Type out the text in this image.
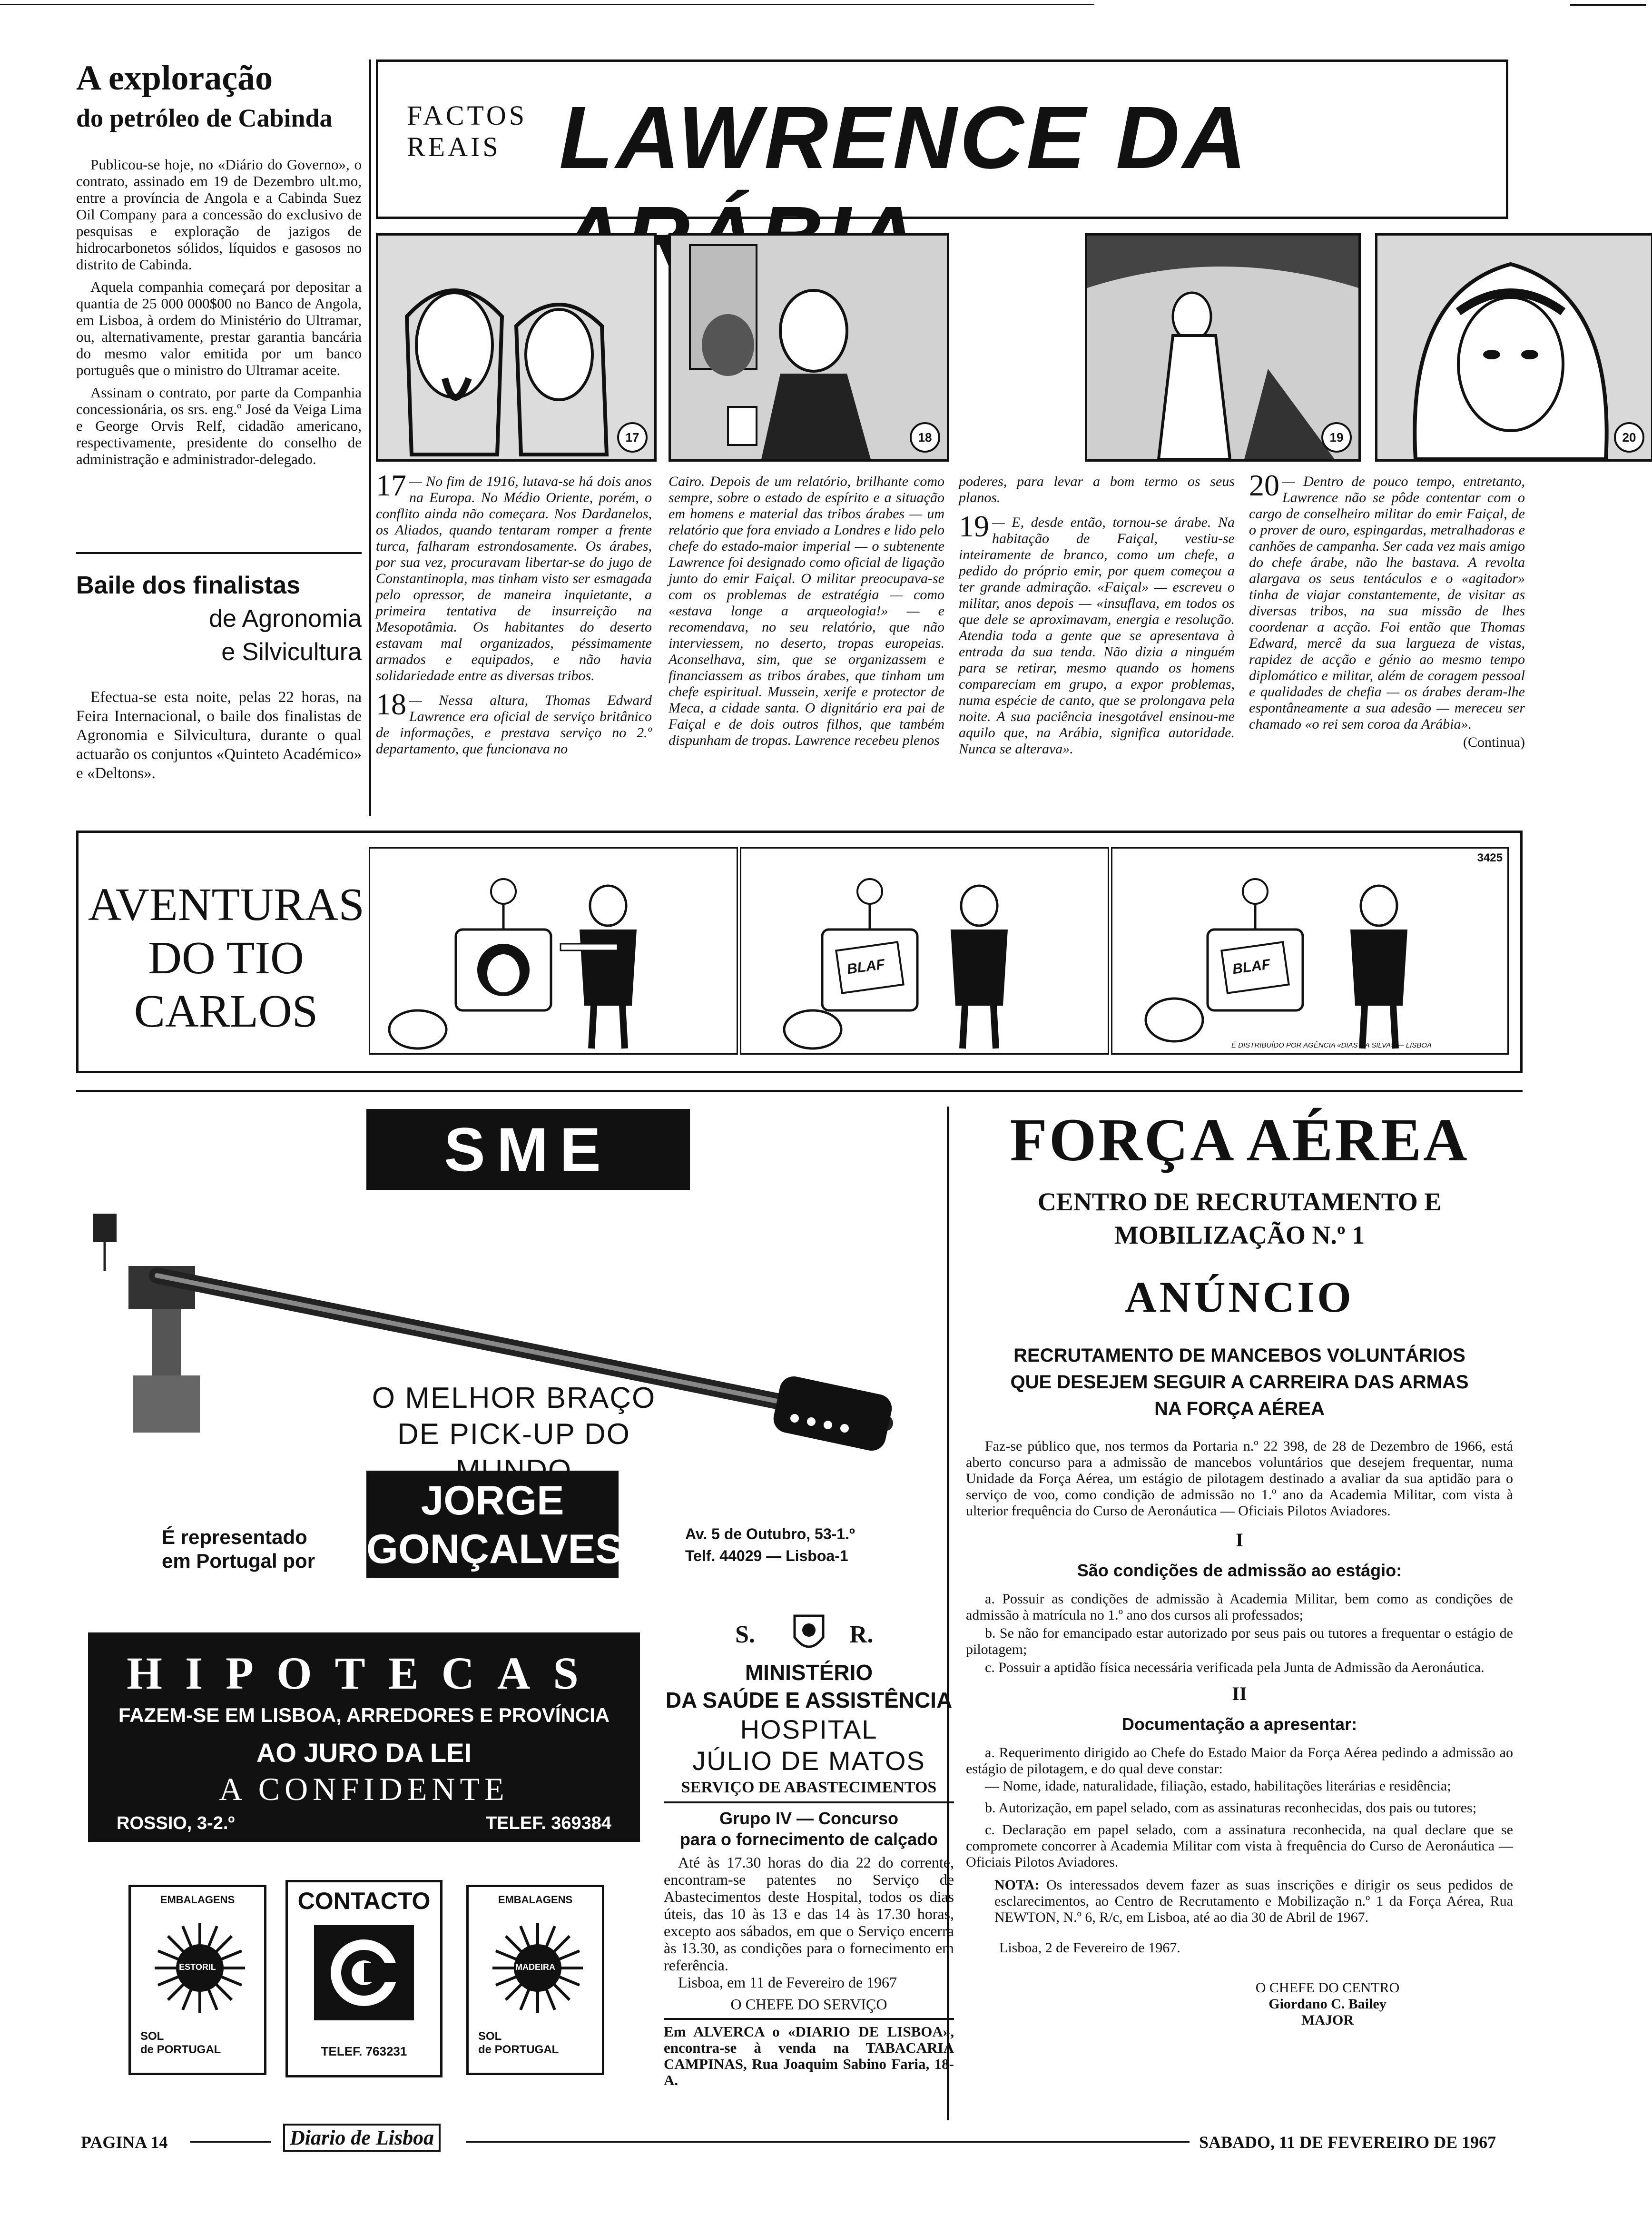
A exploração
do petróleo de Cabinda

Publicou-se hoje, no «Diário do Governo», o contrato, assinado em 19 de Dezembro ult.mo, entre a província de Angola e a Cabinda Suez Oil Company para a concessão do exclusivo de pesquisas e exploração de jazigos de hidrocarbonetos sólidos, líquidos e gasosos no distrito de Cabinda.

Aquela companhia começará por depositar a quantia de 25 000 000$00 no Banco de Angola, em Lisboa, à ordem do Ministério do Ultramar, ou, alternativamente, prestar garantia bancária do mesmo valor emitida por um banco português que o ministro do Ultramar aceite.

Assinam o contrato, por parte da Companhia concessionária, os srs. eng.º José da Veiga Lima e George Orvis Relf, cidadão americano, respectivamente, presidente do conselho de administração e administrador-delegado.

Baile dos finalistas
de Agronomia
e Silvicultura

Efectua-se esta noite, pelas 22 horas, na Feira Internacional, o baile dos finalistas de Agronomia e Silvicultura, durante o qual actuarão os conjuntos «Quinteto Académico» e «Deltons».

FACTOS
REAIS LAWRENCE DA
17	18	19	20
17 — No fim de 1916, lutava-se há dois anos na Europa. No Médio Oriente, porém, o conflito ainda não começara. Nos Dardanelos, os Aliados, quando tentaram romper a frente turca, falharam estrondosamente. Os árabes, por sua vez, procuravam libertar-se do jugo de Constantinopla, mas tinham visto ser esmagada pelo opressor, de maneira inquietante, a primeira tentativa de insurreição na Mesopotâmia. Os habitantes do deserto estavam mal organizados, péssimamente armados e equipados, e não havia solidariedade entre as diversas tribos.
18 — Nessa altura, Thomas Edward Lawrence era oficial de serviço britânico de informações, e prestava serviço no 2.º departamento, que funcionava no
Cairo. Depois de um relatório, brilhante como sempre, sobre o estado de espírito e a situação em homens e material das tribos árabes — um relatório que fora enviado a Londres e lido pelo chefe do estado-maior imperial — o subtenente Lawrence foi designado como oficial de ligação junto do emir Faiçal. O militar preocupava-se com os problemas de estratégia — como «estava longe a arqueologia!» — e recomendava, no seu relatório, que não interviessem, no deserto, tropas europeias. Aconselhava, sim, que se organizassem e financiassem as tribos árabes, que tinham um chefe espiritual. Mussein, xerife e protector de Meca, a cidade santa. O dignitário era pai de Faiçal e de dois outros filhos, que também dispunham de tropas. Lawrence recebeu plenos
poderes, para levar a bom termo os seus planos.
19 — E, desde então, tornou-se árabe. Na habitação de Faiçal, vestiu-se inteiramente de branco, como um chefe, a pedido do próprio emir, por quem começou a ter grande admiração. «Faiçal» — escreveu o militar, anos depois — «insuflava, em todos os que dele se aproximavam, energia e resolução. Atendia toda a gente que se apresentava à entrada da sua tenda. Não dizia a ninguém para se retirar, mesmo quando os homens compareciam em grupo, a expor problemas, numa espécie de canto, que se prolongava pela noite. A sua paciência inesgotável ensinou-me aquilo que, na Arábia, significa autoridade. Nunca se alterava».
20 — Dentro de pouco tempo, entretanto, Lawrence não se pôde contentar com o cargo de conselheiro militar do emir Faiçal, de o prover de ouro, espingardas, metralhadoras e canhões de campanha. Ser cada vez mais amigo do chefe árabe, não lhe bastava. A revolta alargava os seus tentáculos e o «agitador» tinha de viajar constantemente, de visitar as diversas tribos, na sua missão de lhes coordenar a acção. Foi então que Thomas Edward, mercê da sua largueza de vistas, rapidez de acção e génio ao mesmo tempo diplomático e militar, além de coragem pessoal e qualidades de chefia — os árabes deram-lhe espontâneamente a sua adesão — mereceu ser chamado «o rei sem coroa da Arábia».
(Continua)
AVENTURAS
DO TIO
CARLOS
BLAF	BLAF
3425
É DISTRIBUÍDO POR AGÊNCIA «DIAS DA SILVA» — LISBOA
SME
O MELHOR BRAÇO
DE PICK-UP DO
É representado
em Portugal por
JORGE
GONÇALVES	Av. 5 de Outubro, 53-1.º
Telf. 44029 — Lisboa-1
HIPOTECAS
FAZEM-SE EM LISBOA, ARREDORES E PROVÍNCIA
AO JURO DA LEI
A CONFIDENTE
ROSSIO, 3-2.º	TELEF. 369384
EMBALAGENS
ESTORIL
SOL
de PORTUGAL
CONTACTO
TELEF. 763231
EMBALAGENS
MADEIRA
SOL
de PORTUGAL
S.	R.
MINISTÉRIO
DA SAÚDE E ASSISTÊNCIA
HOSPITAL
JÚLIO DE MATOS
SERVIÇO DE ABASTECIMENTOS
Grupo IV — Concurso
para o fornecimento de calçado
Até às 17.30 horas do dia 22 do corrente, encontram-se patentes no Serviço de Abastecimentos deste Hospital, todos os dias úteis, das 10 às 13 e das 14 às 17.30 horas, excepto aos sábados, em que o Serviço encerra às 13.30, as condições para o fornecimento em referência.
Lisboa, em 11 de Fevereiro de 1967
O CHEFE DO SERVIÇO
Em ALVERCA o «DIARIO DE LISBOA», encontra-se à venda na TABACARIA CAMPINAS, Rua Joaquim Sabino Faria, 18-A.
FORÇA AÉREA
CENTRO DE RECRUTAMENTO E MOBILIZAÇÃO N.º 1
ANÚNCIO
RECRUTAMENTO DE MANCEBOS VOLUNTÁRIOS
QUE DESEJEM SEGUIR A CARREIRA DAS ARMAS
NA FORÇA AÉREA

Faz-se público que, nos termos da Portaria n.º 22 398, de 28 de Dezembro de 1966, está aberto concurso para a admissão de mancebos voluntários que desejem frequentar, numa Unidade da Força Aérea, um estágio de pilotagem destinado a avaliar da sua aptidão para o serviço de voo, como condição de admissão no 1.º ano da Academia Militar, com vista à ulterior frequência do Curso de Aeronáutica — Oficiais Pilotos Aviadores.

I
São condições de admissão ao estágio:

a. Possuir as condições de admissão à Academia Militar, bem como as condições de admissão à matrícula no 1.º ano dos cursos ali professados;

b. Se não for emancipado estar autorizado por seus pais ou tutores a frequentar o estágio de pilotagem;

c. Possuir a aptidão física necessária verificada pela Junta de Admissão da Aeronáutica.

II
Documentação a apresentar:

a. Requerimento dirigido ao Chefe do Estado Maior da Força Aérea pedindo a admissão ao estágio de pilotagem, e do qual deve constar:

— Nome, idade, naturalidade, filiação, estado, habilitações literárias e residência;

b. Autorização, em papel selado, com as assinaturas reconhecidas, dos pais ou tutores;

c. Declaração em papel selado, com a assinatura reconhecida, na qual declare que se compromete concorrer à Academia Militar com vista à frequência do Curso de Aeronáutica — Oficiais Pilotos Aviadores.

NOTA: Os interessados devem fazer as suas inscrições e dirigir os seus pedidos de esclarecimentos, ao Centro de Recrutamento e Mobilização n.º 1 da Força Aérea, Rua NEWTON, N.º 6, R/c, em Lisboa, até ao dia 30 de Abril de 1967.
Lisboa, 2 de Fevereiro de 1967.
O CHEFE DO CENTRO
Giordano C. Bailey
MAJOR
PAGINA 14	Diario de Lisboa	SABADO, 11 DE FEVEREIRO DE 1967
